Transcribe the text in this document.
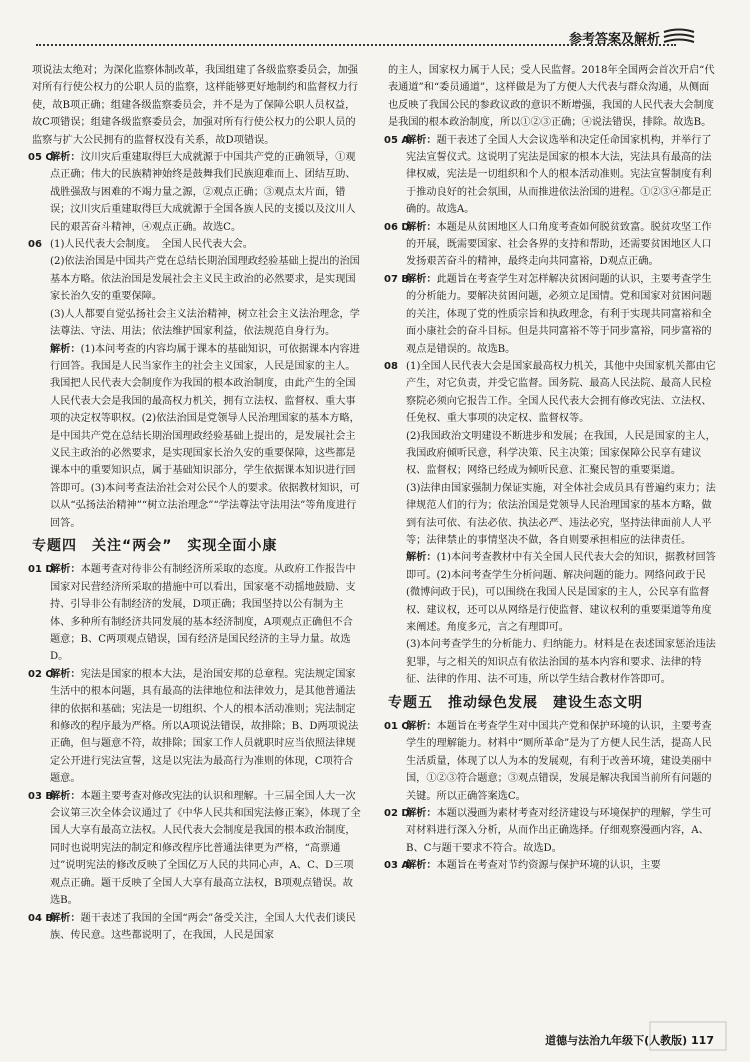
参考答案及解析

项说法太绝对；为深化监察体制改革，我国组建了各级监察委员会，加强对所有行使公权力的公职人员的监察，这样能够更好地制约和监督权力行使，故B项正确；组建各级监察委员会，并不是为了保障公职人员权益，故C项错误；组建各级监察委员会，加强对所有行使公权力的公职人员的监察与扩大公民拥有的监督权没有关系，故D项错误。

05 C
解析：汶川灾后重建取得巨大成就源于中国共产党的正确领导，①观点正确；伟大的民族精神始终是鼓舞我们民族迎难而上、团结互助、战胜强敌与困难的不竭力量之源，②观点正确；③观点太片面，错误；汶川灾后重建取得巨大成就源于全国各族人民的支援以及汶川人民的艰苦奋斗精神，④观点正确。故选C。
06 (1)人民代表大会制度。　全国人民代表大会。
(2)依法治国是中国共产党在总结长期治国理政经验基础上提出的治国基本方略。依法治国是发展社会主义民主政治的必然要求，是实现国家长治久安的重要保障。
(3)人人都要自觉弘扬社会主义法治精神，树立社会主义法治理念，学法尊法、守法、用法；依法维护国家利益，依法规范自身行为。
解析：(1)本问考查的内容均属于课本的基础知识，可依据课本内容进行回答。我国是人民当家作主的社会主义国家，人民是国家的主人。我国把人民代表大会制度作为我国的根本政治制度，由此产生的全国人民代表大会是我国的最高权力机关，拥有立法权、监督权、重大事项的决定权等职权。(2)依法治国是党领导人民治理国家的基本方略，是中国共产党在总结长期治国理政经验基础上提出的，是发展社会主义民主政治的必然要求，是实现国家长治久安的重要保障，这些都是课本中的重要知识点，属于基础知识部分，学生依据课本知识进行回答即可。(3)本问考查法治社会对公民个人的要求。依据教材知识，可以从“弘扬法治精神”“树立法治理念”“学法尊法守法用法”等角度进行回答。
专题四　关注“两会”　实现全面小康
01 D
解析：本题考查对待非公有制经济所采取的态度。从政府工作报告中国家对民营经济所采取的措施中可以看出，国家毫不动摇地鼓励、支持、引导非公有制经济的发展，D项正确；我国坚持以公有制为主体、多种所有制经济共同发展的基本经济制度，A项观点正确但不合题意；B、C两项观点错误，国有经济是国民经济的主导力量。故选D。
02 C
解析：宪法是国家的根本大法，是治国安邦的总章程。宪法规定国家生活中的根本问题，具有最高的法律地位和法律效力，是其他普通法律的依据和基础；宪法是一切组织、个人的根本活动准则；宪法制定和修改的程序最为严格。所以A项说法错误，故排除；B、D两项说法正确，但与题意不符，故排除；国家工作人员就职时应当依照法律规定公开进行宪法宣誓，这是以宪法为最高行为准则的体现，C项符合题意。
03 B
解析：本题主要考查对修改宪法的认识和理解。十三届全国人大一次会议第三次全体会议通过了《中华人民共和国宪法修正案》，体现了全国人大享有最高立法权。人民代表大会制度是我国的根本政治制度，同时也说明宪法的制定和修改程序比普通法律更为严格，“高票通过”说明宪法的修改反映了全国亿万人民的共同心声，A、C、D三项观点正确。题干反映了全国人大享有最高立法权，B项观点错误。故选B。
04 B
解析：题干表述了我国的全国“两会”备受关注，全国人大代表们谈民族、传民意。这些都说明了，在我国，人民是国家

的主人，国家权力属于人民；受人民监督。2018年全国两会首次开启“代表通道”和“委员通道”，这样做是为了方便人大代表与群众沟通，从侧面也反映了我国公民的参政议政的意识不断增强，我国的人民代表大会制度是我国的根本政治制度，所以①②③正确；④说法错误，排除。故选B。

05 A
解析：题干表述了全国人大会议选举和决定任命国家机构，并举行了宪法宣誓仪式。这说明了宪法是国家的根本大法，宪法具有最高的法律权威，宪法是一切组织和个人的根本活动准则。宪法宣誓制度有利于推动良好的社会氛围，从而推进依法治国的进程。①②③④都是正确的。故选A。
06 D
解析：本题是从贫困地区人口角度考查如何脱贫致富。脱贫攻坚工作的开展，既需要国家、社会各界的支持和帮助，还需要贫困地区人口发扬艰苦奋斗的精神，最终走向共同富裕，D观点正确。
07 B
解析：此题旨在考查学生对怎样解决贫困问题的认识，主要考查学生的分析能力。要解决贫困问题，必须立足国情。党和国家对贫困问题的关注，体现了党的性质宗旨和执政理念，有利于实现共同富裕和全面小康社会的奋斗目标。但是共同富裕不等于同步富裕，同步富裕的观点是错误的。故选B。
08 (1)全国人民代表大会是国家最高权力机关，其他中央国家机关都由它产生，对它负责，并受它监督。国务院、最高人民法院、最高人民检察院必须向它报告工作。全国人民代表大会拥有修改宪法、立法权、任免权、重大事项的决定权、监督权等。
(2)我国政治文明建设不断进步和发展；在我国，人民是国家的主人，我国政府倾听民意，科学决策、民主决策；国家保障公民享有建议权、监督权；网络已经成为倾听民意、汇聚民智的重要渠道。
(3)法律由国家强制力保证实施，对全体社会成员具有普遍约束力；法律规范人们的行为；依法治国是党领导人民治理国家的基本方略，做到有法可依、有法必依、执法必严、违法必究，坚持法律面前人人平等；法律禁止的事情坚决不做，各自则要承担相应的法律责任。
解析：(1)本问考查教材中有关全国人民代表大会的知识，据教材回答即可。(2)本问考查学生分析问题、解决问题的能力。网络问政于民(微博问政于民)，可以围绕在我国人民是国家的主人，公民享有监督权、建议权，还可以从网络是行使监督、建议权利的重要渠道等角度来阐述。角度多元，言之有理即可。
(3)本问考查学生的分析能力、归纳能力。材料是在表述国家惩治违法犯罪，与之相关的知识点有依法治国的基本内容和要求、法律的特征、法律的作用、法不可违，所以学生结合教材作答即可。
专题五　推动绿色发展　建设生态文明
01 C
解析：本题旨在考查学生对中国共产党和保护环境的认识，主要考查学生的理解能力。材料中“厕所革命”是为了方便人民生活，提高人民生活质量，体现了以人为本的发展观，有利于改善环境，建设美丽中国，①②③符合题意；③观点错误，发展是解决我国当前所有问题的关键。所以正确答案选C。
02 D
解析：本题以漫画为素材考查对经济建设与环境保护的理解，学生可对材料进行深入分析，从而作出正确选择。仔细观察漫画内容，A、B、C与题干要求不符合。故选D。
03 A
解析：本题旨在考查对节约资源与保护环境的认识，主要
道德与法治九年级下(人教版) 117
